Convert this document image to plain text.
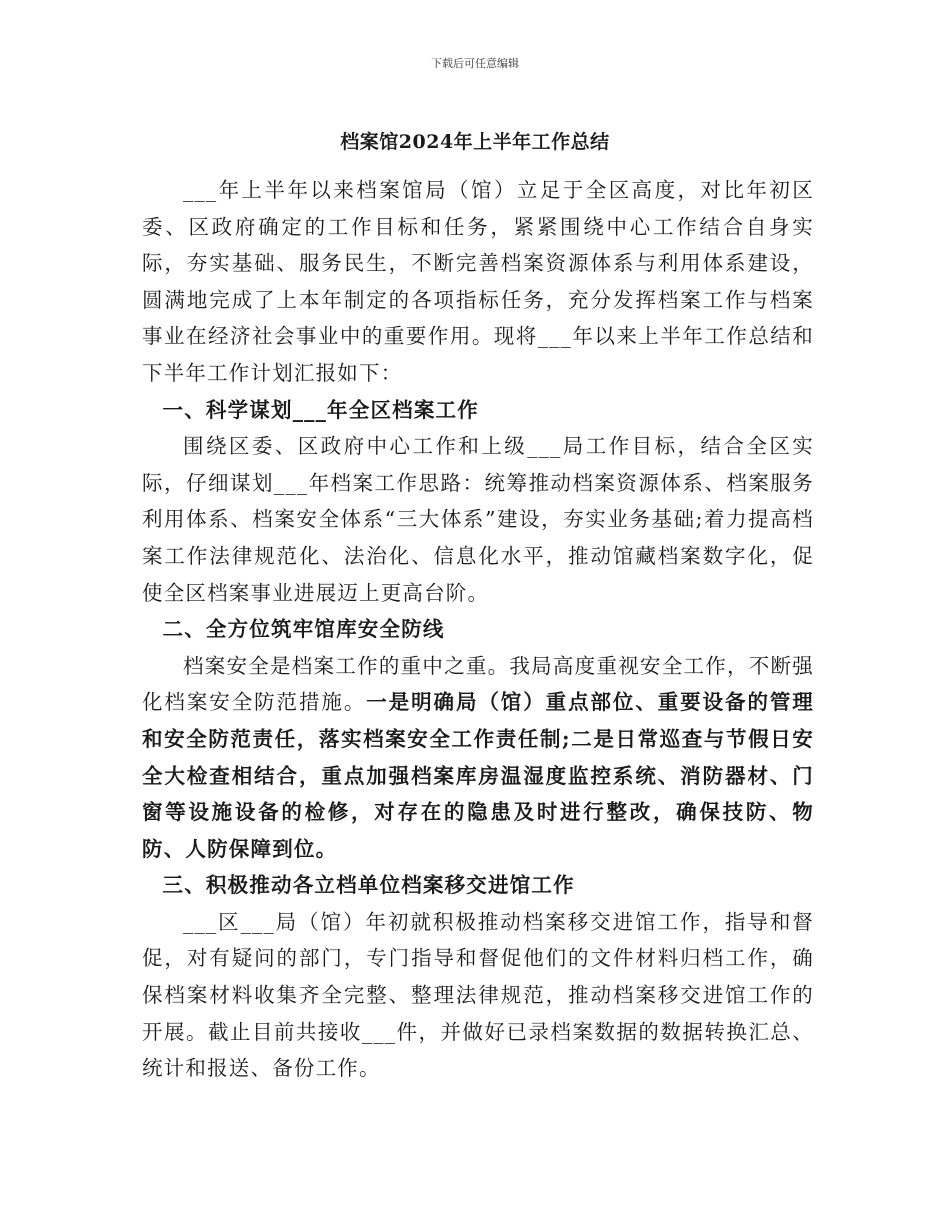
下载后可任意编辑
档案馆2024年上半年工作总结

___年上半年以来档案馆局（馆）立足于全区高度，对比年初区委、区政府确定的工作目标和任务，紧紧围绕中心工作结合自身实际，夯实基础、服务民生，不断完善档案资源体系与利用体系建设，圆满地完成了上本年制定的各项指标任务，充分发挥档案工作与档案事业在经济社会事业中的重要作用。现将___年以来上半年工作总结和下半年工作计划汇报如下：

一、科学谋划___年全区档案工作

围绕区委、区政府中心工作和上级___局工作目标，结合全区实际，仔细谋划___年档案工作思路：统筹推动档案资源体系、档案服务利用体系、档案安全体系“三大体系”建设，夯实业务基础;着力提高档案工作法律规范化、法治化、信息化水平，推动馆藏档案数字化，促使全区档案事业进展迈上更高台阶。

二、全方位筑牢馆库安全防线

档案安全是档案工作的重中之重。我局高度重视安全工作，不断强化档案安全防范措施。一是明确局（馆）重点部位、重要设备的管理和安全防范责任，落实档案安全工作责任制;二是日常巡查与节假日安全大检查相结合，重点加强档案库房温湿度监控系统、消防器材、门窗等设施设备的检修，对存在的隐患及时进行整改，确保技防、物防、人防保障到位。

三、积极推动各立档单位档案移交进馆工作

___区___局（馆）年初就积极推动档案移交进馆工作，指导和督促，对有疑问的部门，专门指导和督促他们的文件材料归档工作，确保档案材料收集齐全完整、整理法律规范，推动档案移交进馆工作的开展。截止目前共接收___件，并做好已录档案数据的数据转换汇总、统计和报送、备份工作。
